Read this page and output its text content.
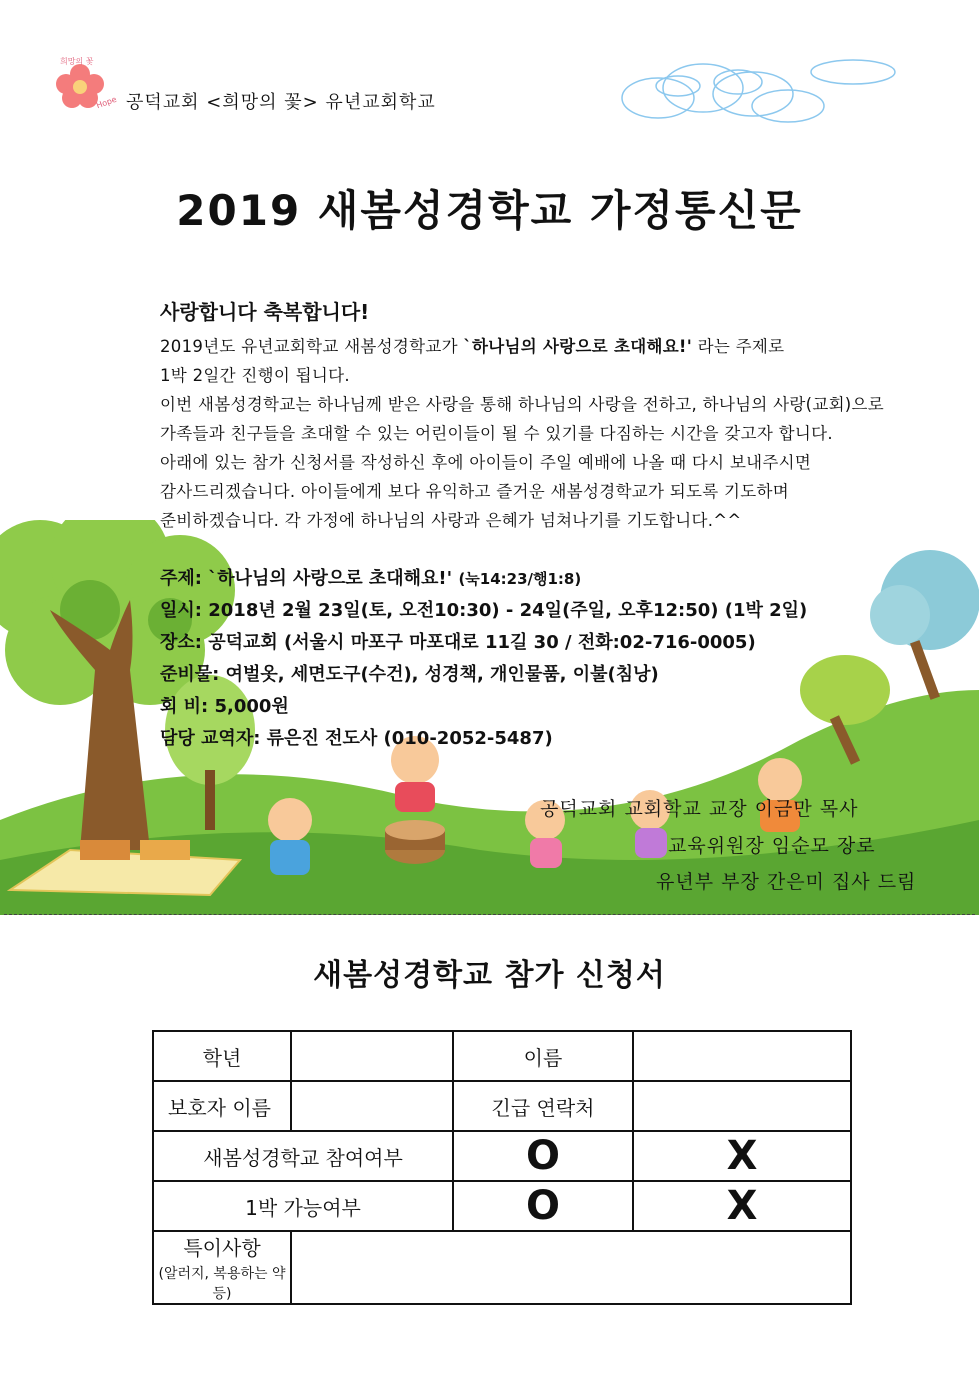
희망의 꽃
Hope 공덕교회 <희망의 꽃> 유년교회학교
2019 새봄성경학교 가정통신문
사랑합니다 축복합니다!
2019년도 유년교회학교 새봄성경학교가 `하나님의 사랑으로 초대해요!' 라는 주제로
1박 2일간 진행이 됩니다.
이번 새봄성경학교는 하나님께 받은 사랑을 통해 하나님의 사랑을 전하고, 하나님의 사랑(교회)으로
가족들과 친구들을 초대할 수 있는 어린이들이 될 수 있기를 다짐하는 시간을 갖고자 합니다.
아래에 있는 참가 신청서를 작성하신 후에 아이들이 주일 예배에 나올 때 다시 보내주시면
감사드리겠습니다. 아이들에게 보다 유익하고 즐거운 새봄성경학교가 되도록 기도하며
준비하겠습니다. 각 가정에 하나님의 사랑과 은혜가 넘쳐나기를 기도합니다.^^
주제: `하나님의 사랑으로 초대해요!' (눅14:23/행1:8)
일시: 2018년 2월 23일(토, 오전10:30) - 24일(주일, 오후12:50) (1박 2일)
장소: 공덕교회 (서울시 마포구 마포대로 11길 30 / 전화:02-716-0005)
준비물: 여벌옷, 세면도구(수건), 성경책, 개인물품, 이불(침낭)
회 비: 5,000원
담당 교역자: 류은진 전도사 (010-2052-5487)
공덕교회 교회학교 교장 이금만 목사
교육위원장 임순모 장로
유년부 부장 간은미 집사 드림
새봄성경학교 참가 신청서
학년		이름	
보호자 이름		긴급 연락처	
새봄성경학교 참여여부		O	X
1박 가능여부		O	X
특이사항
(알러지, 복용하는 약 등)			
